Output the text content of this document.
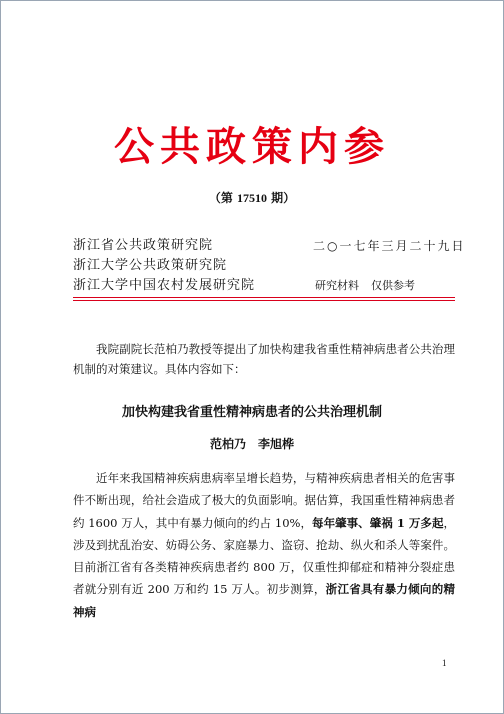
公共政策内参
（第 17510 期）
浙江省公共政策研究院
浙江大学公共政策研究院
浙江大学中国农村发展研究院
二○一七年三月二十九日
研究材料 仅供参考
我院副院长范柏乃教授等提出了加快构建我省重性精神病患者公共治理机制的对策建议。具体内容如下：
加快构建我省重性精神病患者的公共治理机制
范柏乃　李旭桦
近年来我国精神疾病患病率呈增长趋势，与精神疾病患者相关的危害事件不断出现，给社会造成了极大的负面影响。据估算，我国重性精神病患者约 1600 万人，其中有暴力倾向的约占 10%，每年肇事、肇祸 1 万多起，涉及到扰乱治安、妨碍公务、家庭暴力、盗窃、抢劫、纵火和杀人等案件。目前浙江省有各类精神疾病患者约 800 万，仅重性抑郁症和精神分裂症患者就分别有近 200 万和约 15 万人。初步测算，浙江省具有暴力倾向的精神病
1
